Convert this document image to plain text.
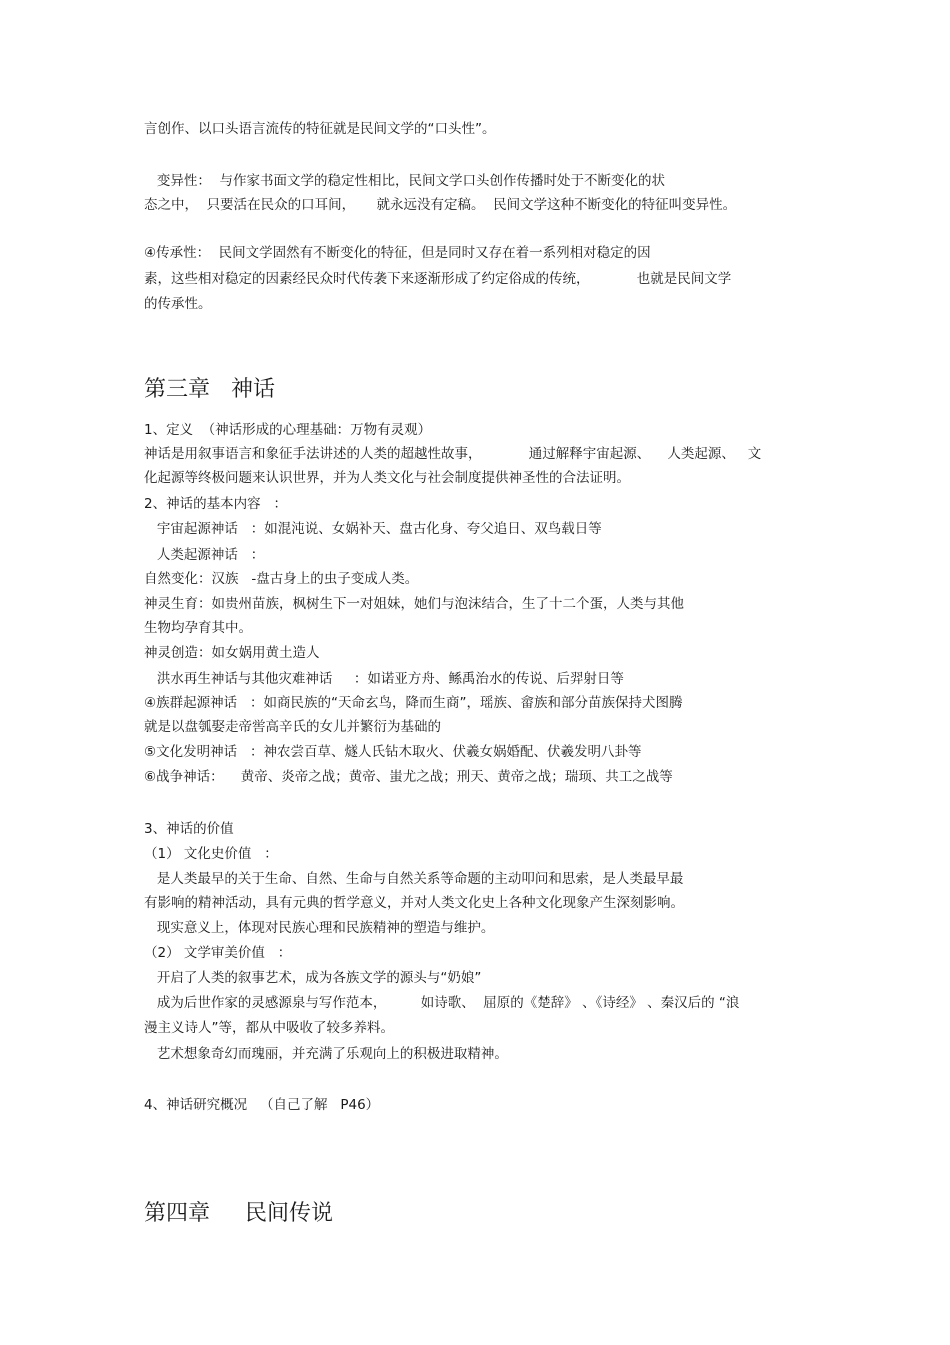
言创作、以口头语言流传的特征就是民间文学的“口头性”。

变异性：  与作家书面文学的稳定性相比，民间文学口头创作传播时处于不断变化的状

态之中，  只要活在民众的口耳间，     就永远没有定稿。  民间文学这种不断变化的特征叫变异性。

④传承性：  民间文学固然有不断变化的特征，但是同时又存在着一系列相对稳定的因

素，这些相对稳定的因素经民众时代传袭下来逐渐形成了约定俗成的传统，           也就是民间文学

的传承性。

第三章   神话

1、定义  （神话形成的心理基础：万物有灵观）

神话是用叙事语言和象征手法讲述的人类的超越性故事，           通过解释宇宙起源、    人类起源、   文

化起源等终极问题来认识世界，并为人类文化与社会制度提供神圣性的合法证明。

2、神话的基本内容   ：

宇宙起源神话   ：如混沌说、女娲补天、盘古化身、夸父追日、双鸟载日等

人类起源神话   ：

自然变化：汉族   -盘古身上的虫子变成人类。

神灵生育：如贵州苗族，枫树生下一对姐妹，她们与泡沫结合，生了十二个蛋，人类与其他

生物均孕育其中。

神灵创造：如女娲用黄土造人

洪水再生神话与其他灾难神话     ：如诺亚方舟、鲧禹治水的传说、后羿射日等

④族群起源神话   ：如商民族的“天命玄鸟，降而生商”，瑶族、畲族和部分苗族保持犬图腾

就是以盘瓠娶走帝喾高辛氏的女儿并繁衍为基础的

⑤文化发明神话   ：神农尝百草、燧人氏钻木取火、伏羲女娲婚配、伏羲发明八卦等

⑥战争神话：    黄帝、炎帝之战；黄帝、蚩尤之战；刑天、黄帝之战；瑞顼、共工之战等

3、神话的价值

（1） 文化史价值   ：

是人类最早的关于生命、自然、生命与自然关系等命题的主动叩问和思索，是人类最早最

有影响的精神活动，具有元典的哲学意义，并对人类文化史上各种文化现象产生深刻影响。

现实意义上，体现对民族心理和民族精神的塑造与维护。

（2） 文学审美价值   ：

开启了人类的叙事艺术，成为各族文学的源头与“奶娘”

成为后世作家的灵感源泉与写作范本，        如诗歌、  屈原的《楚辞》 、《诗经》 、秦汉后的 “浪

漫主义诗人”等，都从中吸收了较多养料。

艺术想象奇幻而瑰丽，并充满了乐观向上的积极进取精神。

4、神话研究概况   （自己了解   P46）

第四章     民间传说
